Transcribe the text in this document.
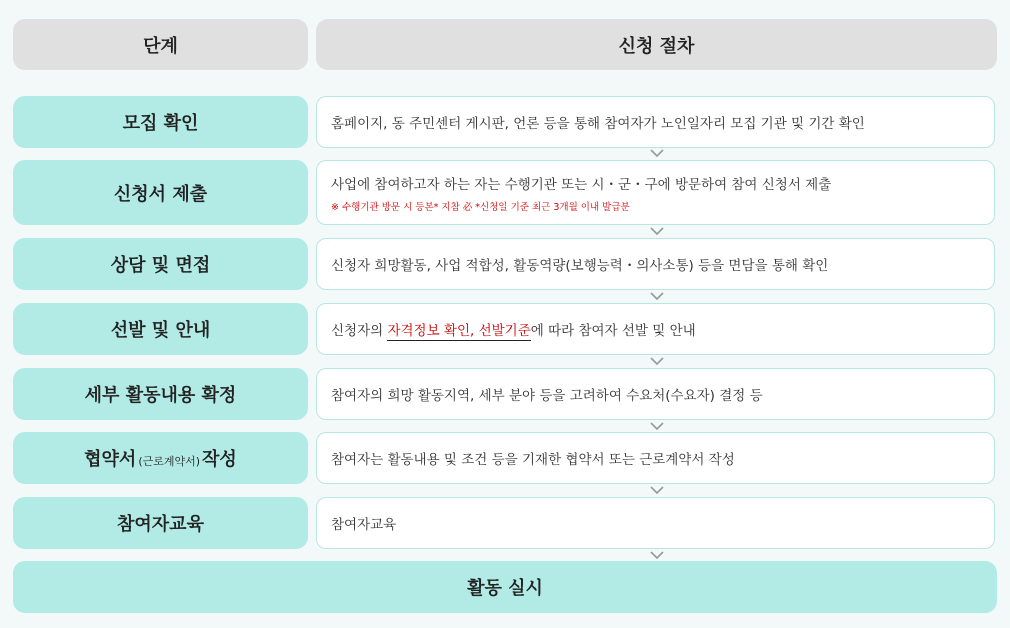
단계	신청 절차
모집 확인	홈페이지, 동 주민센터 게시판, 언론 등을 통해 참여자가 노인일자리 모집 기관 및 기간 확인
신청서 제출	사업에 참여하고자 하는 자는 수행기관 또는 시・군・구에 방문하여 참여 신청서 제출
※ 수행기관 방문 시 등본* 지참 必 *신청일 기준 최근 3개월 이내 발급분
상담 및 면접	신청자 희망활동, 사업 적합성, 활동역량(보행능력・의사소통) 등을 면담을 통해 확인
선발 및 안내	신청자의 자격정보 확인, 선발기준에 따라 참여자 선발 및 안내
세부 활동내용 확정	참여자의 희망 활동지역, 세부 분야 등을 고려하여 수요처(수요자) 결정 등
협약서 (근로계약서) 작성	참여자는 활동내용 및 조건 등을 기재한 협약서 또는 근로계약서 작성
참여자교육	참여자교육
활동 실시
